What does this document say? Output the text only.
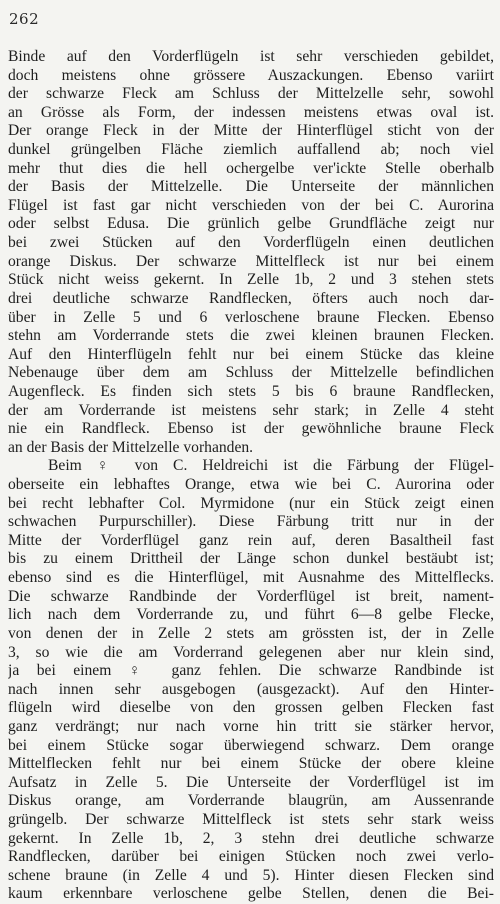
262
Binde auf den Vorderflügeln ist sehr verschieden gebildet,
doch meistens ohne grössere Auszackungen. Ebenso variirt
der schwarze Fleck am Schluss der Mittelzelle sehr, sowohl
an Grösse als Form, der indessen meistens etwas oval ist.
Der orange Fleck in der Mitte der Hinterflügel sticht von der
dunkel grüngelben Fläche ziemlich auffallend ab; noch viel
mehr thut dies die hell ochergelbe ver'ickte Stelle oberhalb
der Basis der Mittelzelle. Die Unterseite der männlichen
Flügel ist fast gar nicht verschieden von der bei C. Aurorina
oder selbst Edusa. Die grünlich gelbe Grundfläche zeigt nur
bei zwei Stücken auf den Vorderflügeln einen deutlichen
orange Diskus. Der schwarze Mittelfleck ist nur bei einem
Stück nicht weiss gekernt. In Zelle 1b, 2 und 3 stehen stets
drei deutliche schwarze Randflecken, öfters auch noch dar-
über in Zelle 5 und 6 verloschene braune Flecken. Ebenso
stehn am Vorderrande stets die zwei kleinen braunen Flecken.
Auf den Hinterflügeln fehlt nur bei einem Stücke das kleine
Nebenauge über dem am Schluss der Mittelzelle befindlichen
Augenfleck. Es finden sich stets 5 bis 6 braune Randflecken,
der am Vorderrande ist meistens sehr stark; in Zelle 4 steht
nie ein Randfleck. Ebenso ist der gewöhnliche braune Fleck
an der Basis der Mittelzelle vorhanden.
Beim ♀ von C. Heldreichi ist die Färbung der Flügel-
oberseite ein lebhaftes Orange, etwa wie bei C. Aurorina oder
bei recht lebhafter Col. Myrmidone (nur ein Stück zeigt einen
schwachen Purpurschiller). Diese Färbung tritt nur in der
Mitte der Vorderflügel ganz rein auf, deren Basaltheil fast
bis zu einem Drittheil der Länge schon dunkel bestäubt ist;
ebenso sind es die Hinterflügel, mit Ausnahme des Mittelflecks.
Die schwarze Randbinde der Vorderflügel ist breit, nament-
lich nach dem Vorderrande zu, und führt 6—8 gelbe Flecke,
von denen der in Zelle 2 stets am grössten ist, der in Zelle
3, so wie die am Vorderrand gelegenen aber nur klein sind,
ja bei einem ♀ ganz fehlen. Die schwarze Randbinde ist
nach innen sehr ausgebogen (ausgezackt). Auf den Hinter-
flügeln wird dieselbe von den grossen gelben Flecken fast
ganz verdrängt; nur nach vorne hin tritt sie stärker hervor,
bei einem Stücke sogar überwiegend schwarz. Dem orange
Mittelflecken fehlt nur bei einem Stücke der obere kleine
Aufsatz in Zelle 5. Die Unterseite der Vorderflügel ist im
Diskus orange, am Vorderrande blaugrün, am Aussenrande
grüngelb. Der schwarze Mittelfleck ist stets sehr stark weiss
gekernt. In Zelle 1b, 2, 3 stehn drei deutliche schwarze
Randflecken, darüber bei einigen Stücken noch zwei verlo-
schene braune (in Zelle 4 und 5). Hinter diesen Flecken sind
kaum erkennbare verloschene gelbe Stellen, denen die Bei-
